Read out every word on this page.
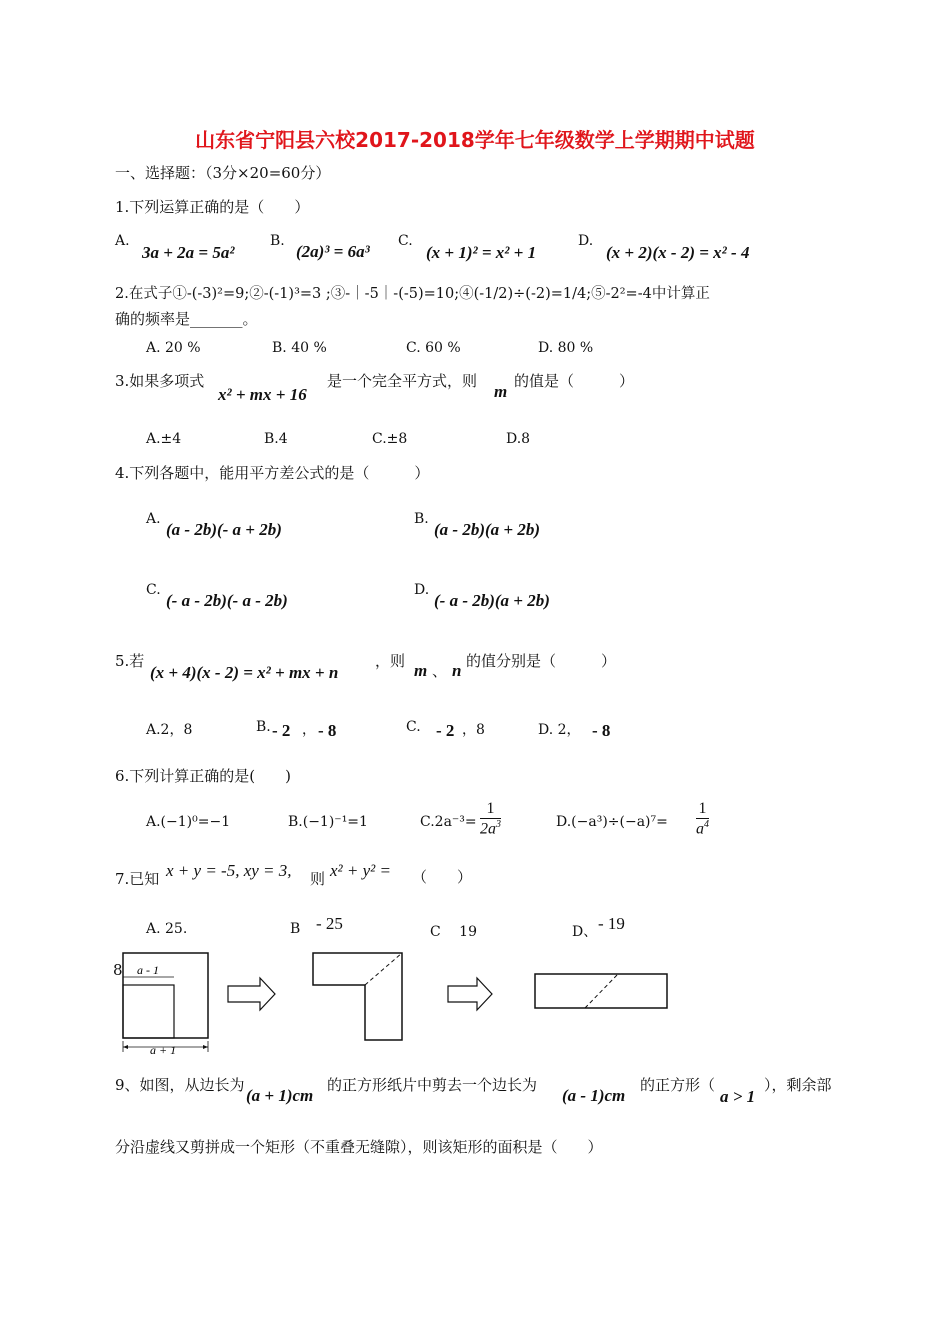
山东省宁阳县六校2017-2018学年七年级数学上学期期中试题
一、选择题：（3分×20=60分）
1.下列运算正确的是（　　）
A.
3a + 2a = 5a²
B.
(2a)³ = 6a³
C.
(x + 1)² = x² + 1
D.
(x + 2)(x - 2) = x² - 4
2.在式子①-(-3)²=9;②-(-1)³=3 ;③-｜-5｜-(-5)=10;④(-1/2)÷(-2)=1/4;⑤-2²=-4中计算正
确的频率是_______。
A. 20 %	B. 40 %	C. 60 %	D. 80 %
3.如果多项式
x² + mx + 16
是一个完全平方式，则
m
的值是（　　　）
A.±4	B.4	C.±8	D.8
4.下列各题中，能用平方差公式的是（　　　）
A.
(a - 2b)(- a + 2b)
B.
(a - 2b)(a + 2b)
C.
(- a - 2b)(- a - 2b)
D.
(- a - 2b)(a + 2b)
5.若
(x + 4)(x - 2) = x² + mx + n
，则 m 、 n 的值分别是（　　　）
A.2，8	B. - 2 ， - 8	C. - 2 ，8	D. 2， - 8
6.下列计算正确的是(　　)
A.(−1)⁰=−1	B.(−1)⁻¹=1	$C.2a^{-3}= \frac{1}{2a^3}$	$D.(-a^3)\div(-a)^7= \frac{1}{a^4}$
7.已知 x + y = -5, xy = 3, 则 x² + y² = （　　）
A. 25.	B - 25	C　 19	D、 - 19
8 a - 1
a + 1
9、如图，从边长为
(a + 1)cm
的正方形纸片中剪去一个边长为
(a - 1)cm
的正方形（
a > 1
），剩余部
分沿虚线又剪拼成一个矩形（不重叠无缝隙），则该矩形的面积是（　　）
